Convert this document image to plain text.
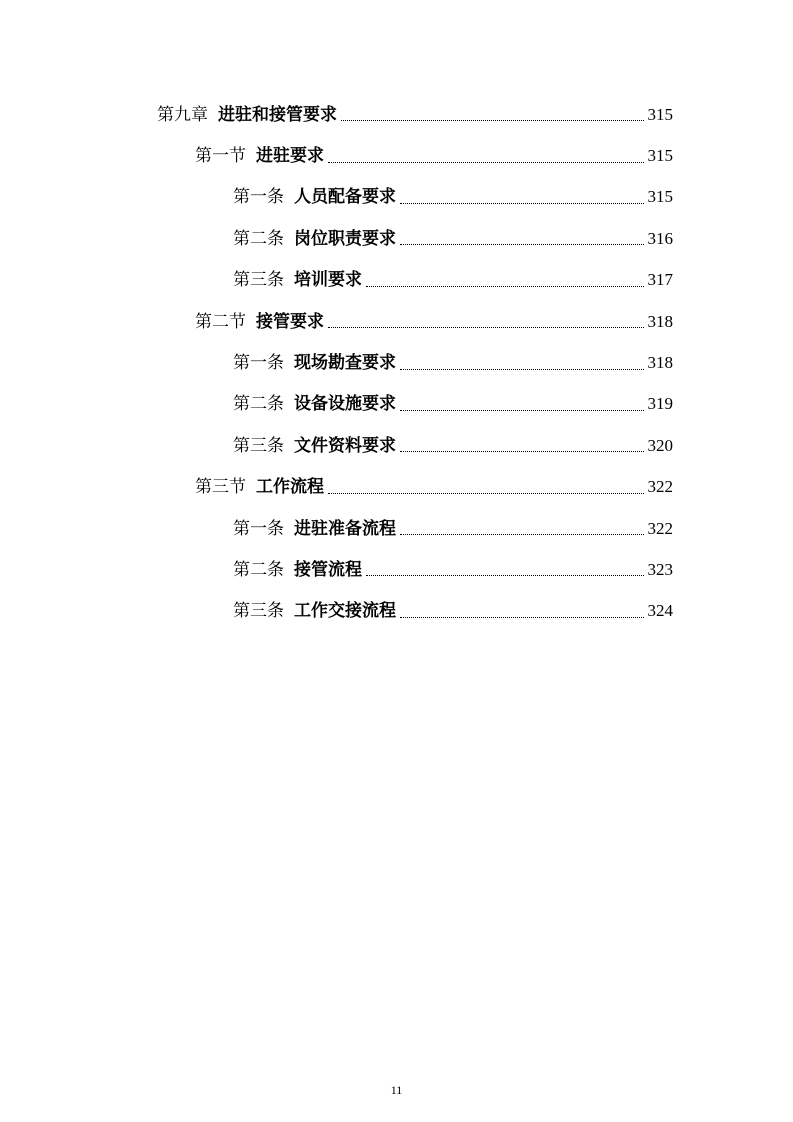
第九章 进驻和接管要求	315
第一节 进驻要求	315
第一条 人员配备要求	315
第二条 岗位职责要求	316
第三条 培训要求	317
第二节 接管要求	318
第一条 现场勘查要求	318
第二条 设备设施要求	319
第三条 文件资料要求	320
第三节 工作流程	322
第一条 进驻准备流程	322
第二条 接管流程	323
第三条 工作交接流程	324
11
